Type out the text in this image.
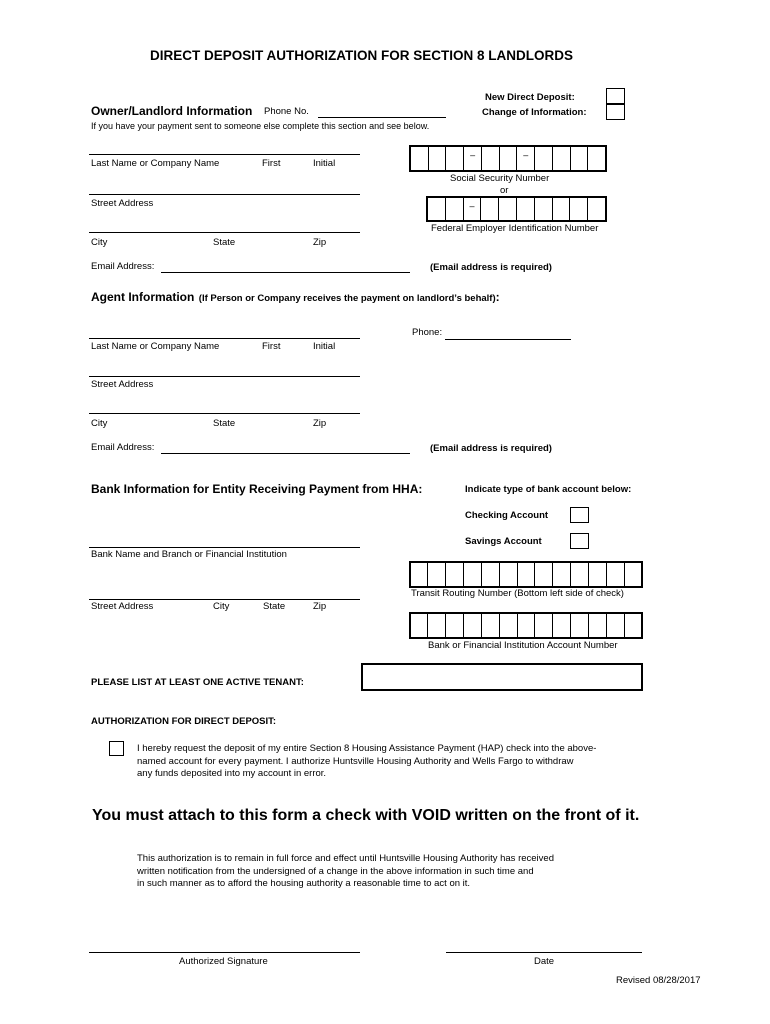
DIRECT DEPOSIT AUTHORIZATION FOR SECTION 8 LANDLORDS
New Direct Deposit:
Change of Information:
Owner/Landlord Information Phone No.
If you have your payment sent to someone else complete this section and see below.
Last Name or Company Name	First	Initial
Street Address
City	State	Zip
Email Address:	(Email address is required)
–	–
Social Security Number
or
–
Federal Employer Identification Number
Agent Information (If Person or Company receives the payment on landlord’s behalf):
Phone:
Last Name or Company Name	First	Initial
Street Address
City	State	Zip
Email Address:	(Email address is required)
Bank Information for Entity Receiving Payment from HHA:	Indicate type of bank account below:
Checking Account
Savings Account
Bank Name and Branch or Financial Institution
Street Address	City	State	Zip
Transit Routing Number (Bottom left side of check)
Bank or Financial Institution Account Number
PLEASE LIST AT LEAST ONE ACTIVE TENANT:
AUTHORIZATION FOR DIRECT DEPOSIT:
I hereby request the deposit of my entire Section 8 Housing Assistance Payment (HAP) check into the above-
named account for every payment. I authorize Huntsville Housing Authority and Wells Fargo to withdraw
any funds deposited into my account in error.
You must attach to this form a check with VOID written on the front of it.
This authorization is to remain in full force and effect until Huntsville Housing Authority has received
written notification from the undersigned of a change in the above information in such time and
in such manner as to afford the housing authority a reasonable time to act on it.
Authorized Signature	Date
Revised 08/28/2017
